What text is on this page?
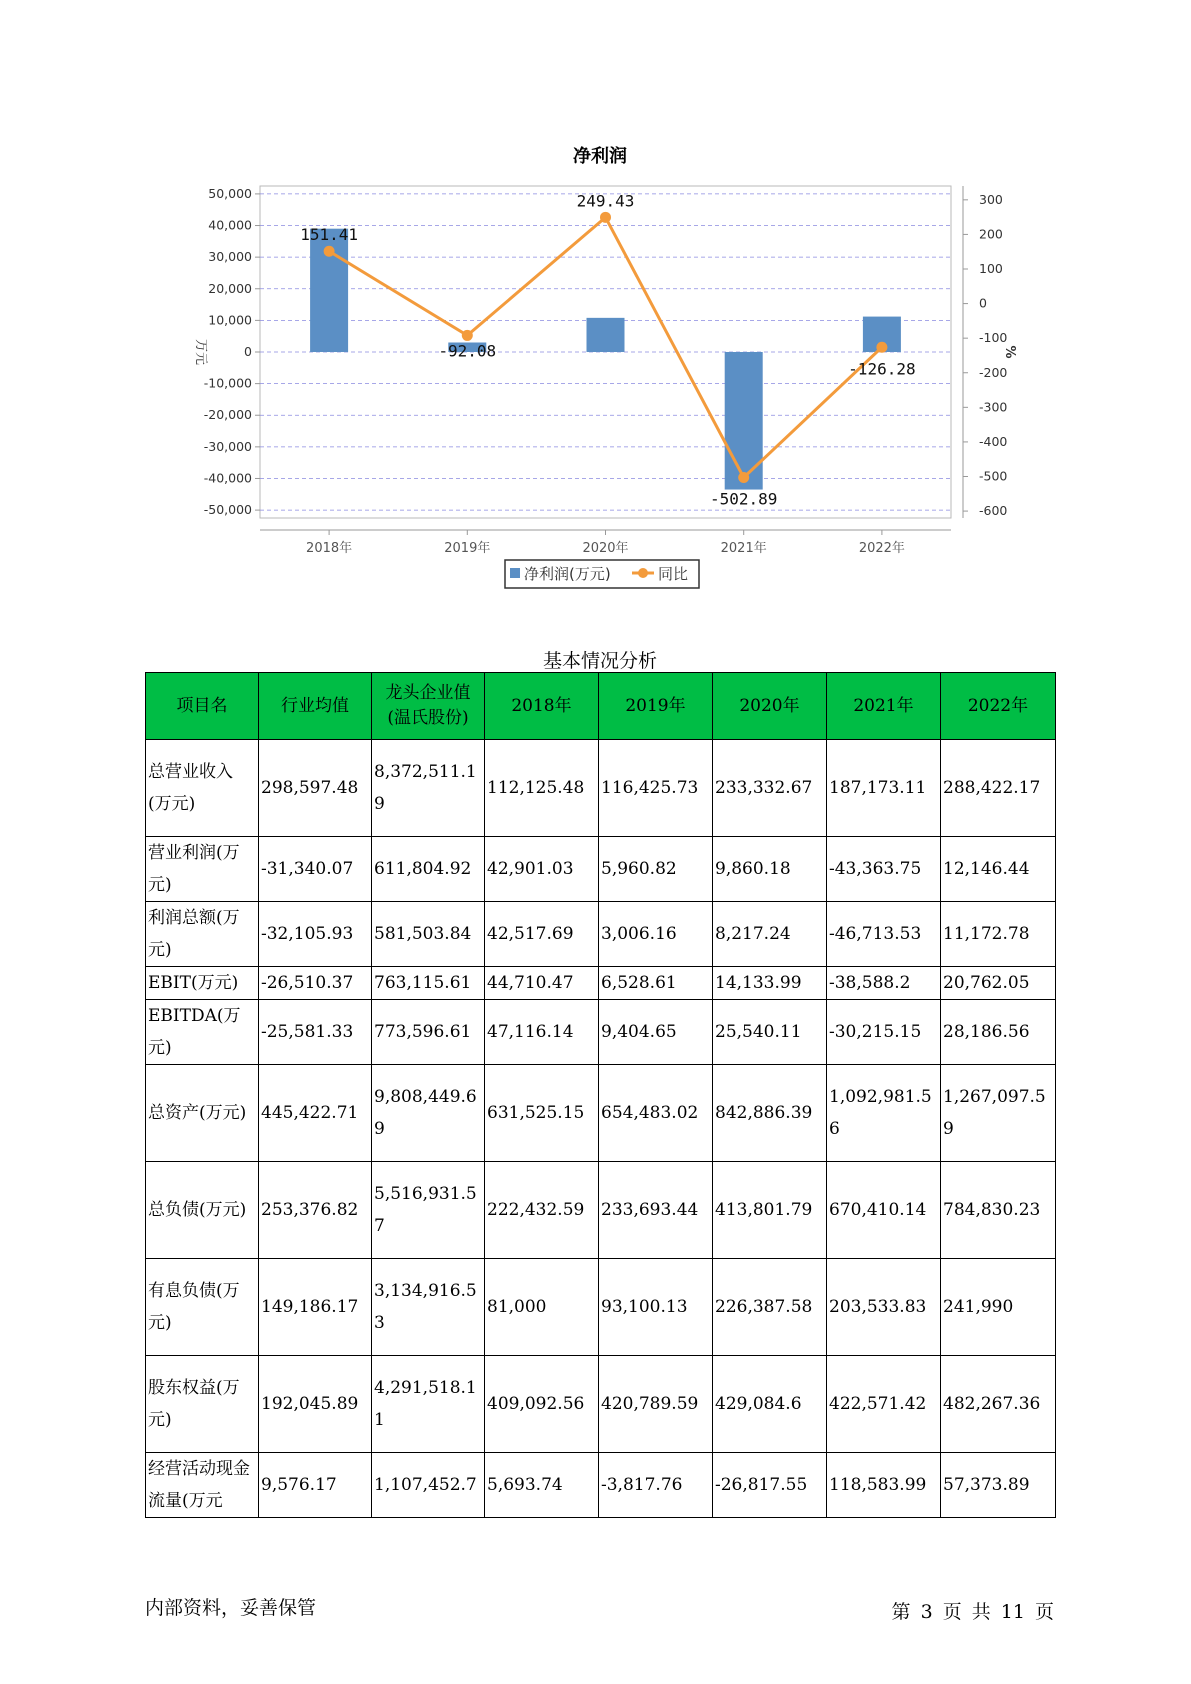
净利润
151.41
-92.08
249.43
-502.89
-126.28
50,000
40,000
30,000
20,000
10,000
0
-10,000
-20,000
-30,000
-40,000
-50,000
300
200
100
0
-100
-200
-300
-400
-500
-600
2018年	2019年	2020年	2021年	2022年
万元	%
净利润(万元)	同比
基本情况分析
项目名	行业均值	龙头企业值(温氏股份)	2018年	2019年	2020年	2021年	2022年
总营业收入(万元)	298,597.48	8,372,511.19	112,125.48	116,425.73	233,332.67	187,173.11	288,422.17
营业利润(万元)	-31,340.07	611,804.92	42,901.03	5,960.82	9,860.18	-43,363.75	12,146.44
利润总额(万元)	-32,105.93	581,503.84	42,517.69	3,006.16	8,217.24	-46,713.53	11,172.78
EBIT(万元)	-26,510.37	763,115.61	44,710.47	6,528.61	14,133.99	-38,588.2	20,762.05
EBITDA(万元)	-25,581.33	773,596.61	47,116.14	9,404.65	25,540.11	-30,215.15	28,186.56
总资产(万元)	445,422.71	9,808,449.69	631,525.15	654,483.02	842,886.39	1,092,981.56	1,267,097.59
总负债(万元)	253,376.82	5,516,931.57	222,432.59	233,693.44	413,801.79	670,410.14	784,830.23
有息负债(万元)	149,186.17	3,134,916.53	81,000	93,100.13	226,387.58	203,533.83	241,990
股东权益(万元)	192,045.89	4,291,518.11	409,092.56	420,789.59	429,084.6	422,571.42	482,267.36
经营活动现金流量(万元	9,576.17	1,107,452.7	5,693.74	-3,817.76	-26,817.55	118,583.99	57,373.89
内部资料，妥善保管	第 3 页 共 11 页
